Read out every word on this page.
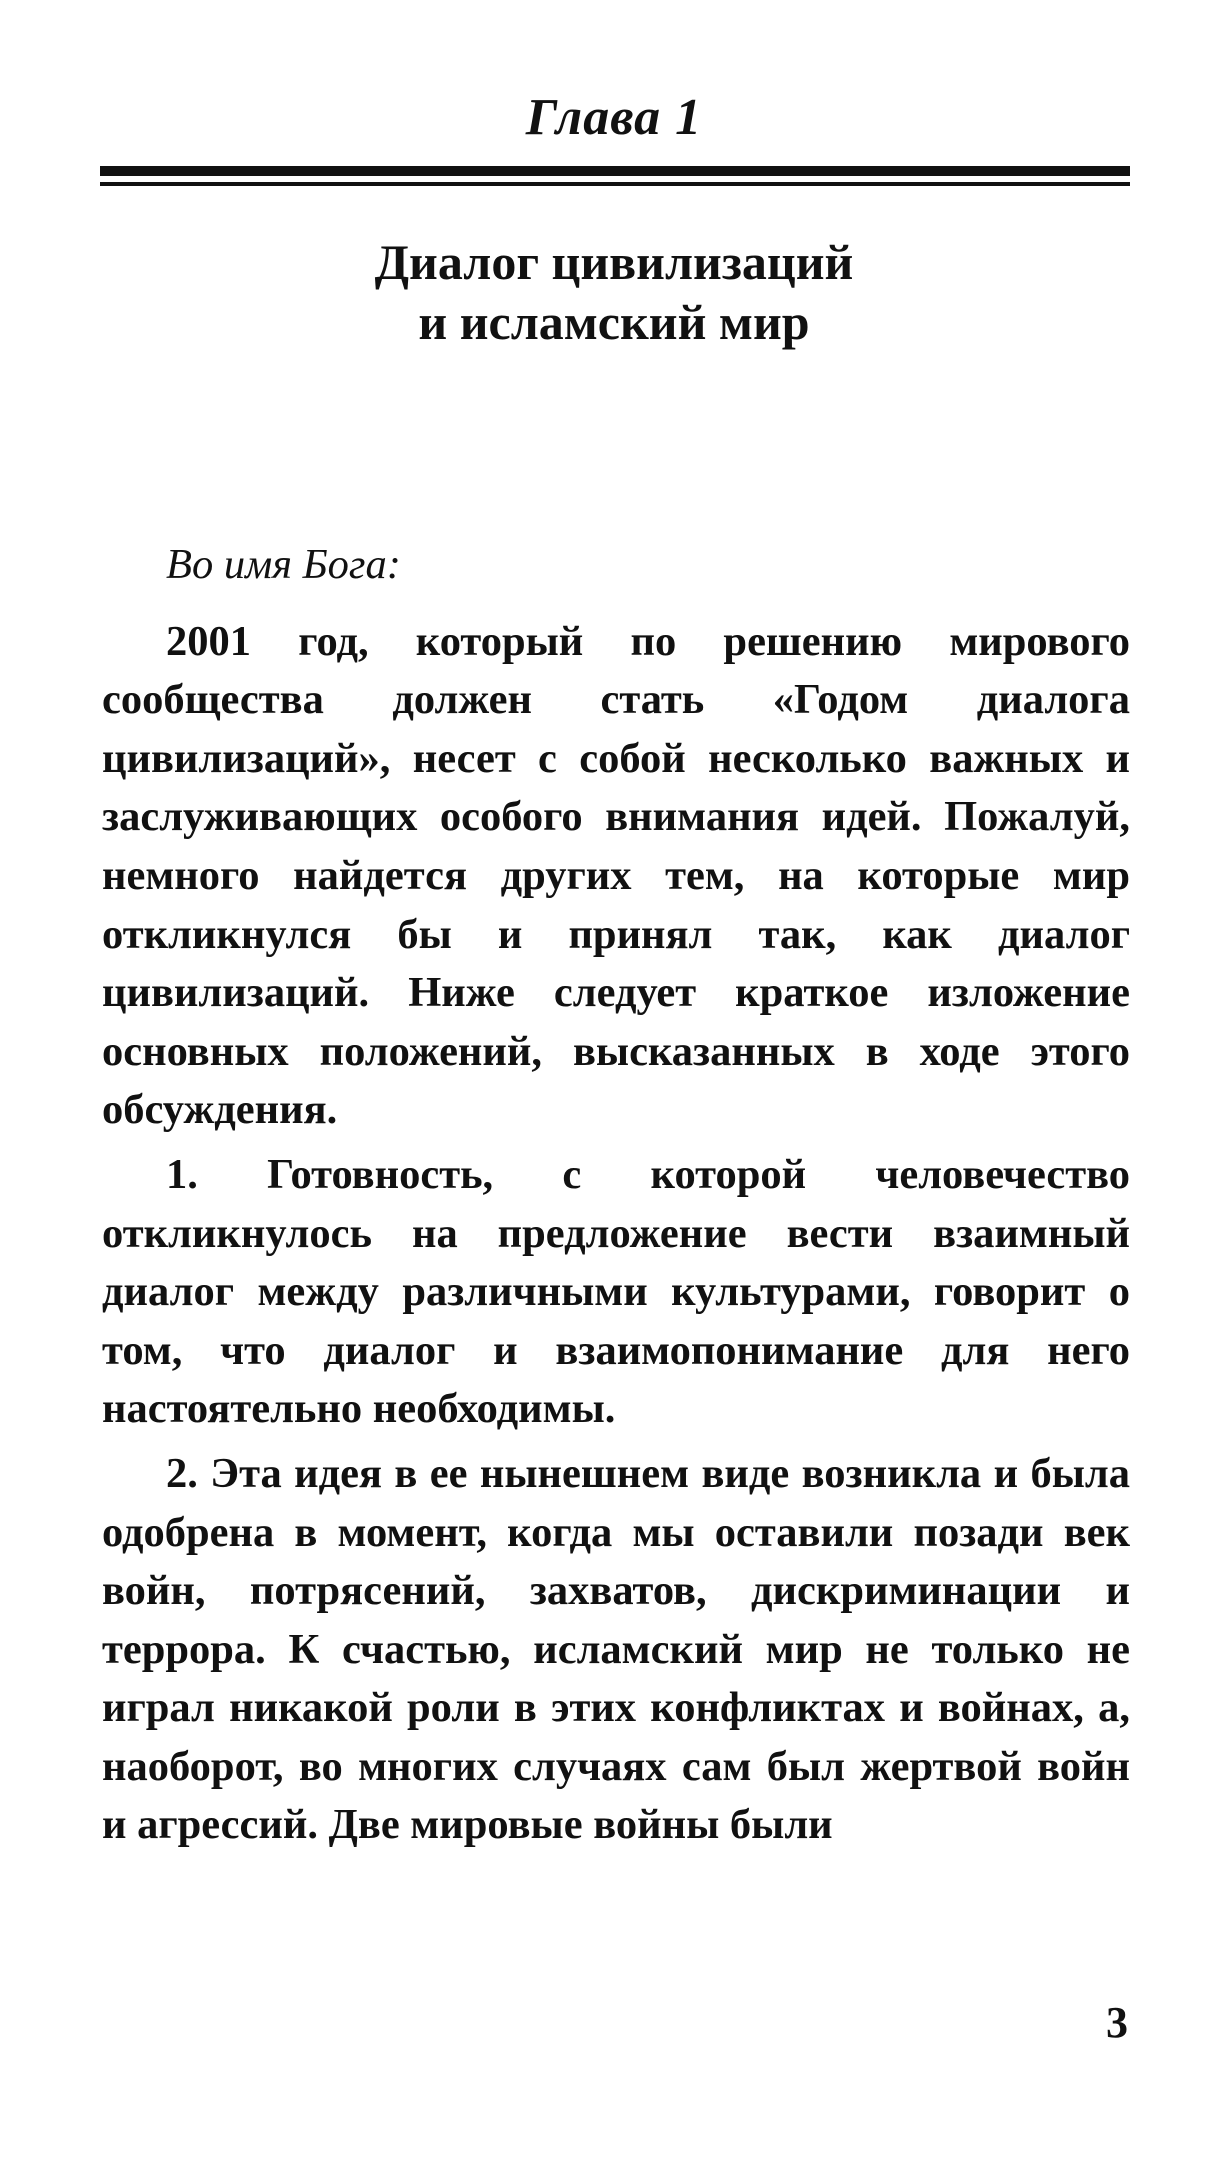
Глава 1
Диалог цивилизаций
и исламский мир

Во имя Бога:

2001 год, который по решению мирового сообщества должен стать «Годом диалога цивилизаций», несет с собой несколько важных и заслуживающих особого внимания идей. Пожалуй, немного найдется других тем, на которые мир откликнулся бы и принял так, как диалог цивилизаций. Ниже следует краткое изложение основных положений, высказанных в ходе этого обсуждения.

1. Готовность, с которой человечество откликнулось на предложение вести взаимный диалог между различными культурами, говорит о том, что диалог и взаимопонимание для него настоятельно необходимы.

2. Эта идея в ее нынешнем виде возникла и была одобрена в момент, когда мы оставили позади век войн, потрясений, захватов, дискриминации и террора. К счастью, исламский мир не только не играл никакой роли в этих конфликтах и войнах, а, наоборот, во многих случаях сам был жертвой войн и агрессий. Две мировые войны были

3
